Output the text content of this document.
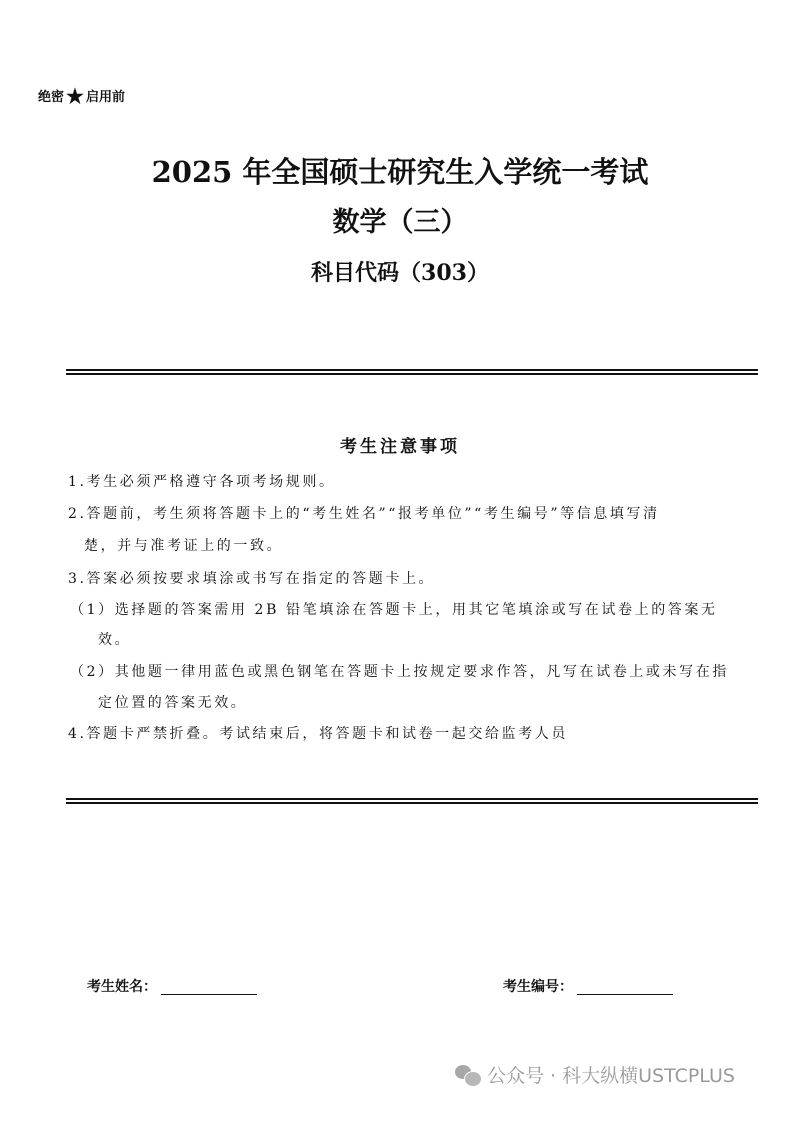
绝密 ★ 启用前
2025 年全国硕士研究生入学统一考试
数学（三）
科目代码（303）
考生注意事项
1.考生必须严格遵守各项考场规则。
2.答题前，考生须将答题卡上的“考生姓名”“报考单位”“考生编号”等信息填写清
楚，并与准考证上的一致。
3.答案必须按要求填涂或书写在指定的答题卡上。
（1）选择题的答案需用 2B 铅笔填涂在答题卡上，用其它笔填涂或写在试卷上的答案无
效。
（2）其他题一律用蓝色或黑色钢笔在答题卡上按规定要求作答，凡写在试卷上或未写在指
定位置的答案无效。
4.答题卡严禁折叠。考试结束后，将答题卡和试卷一起交给监考人员
考生姓名：	考生编号：
公众号 · 科大纵横USTCPLUS
